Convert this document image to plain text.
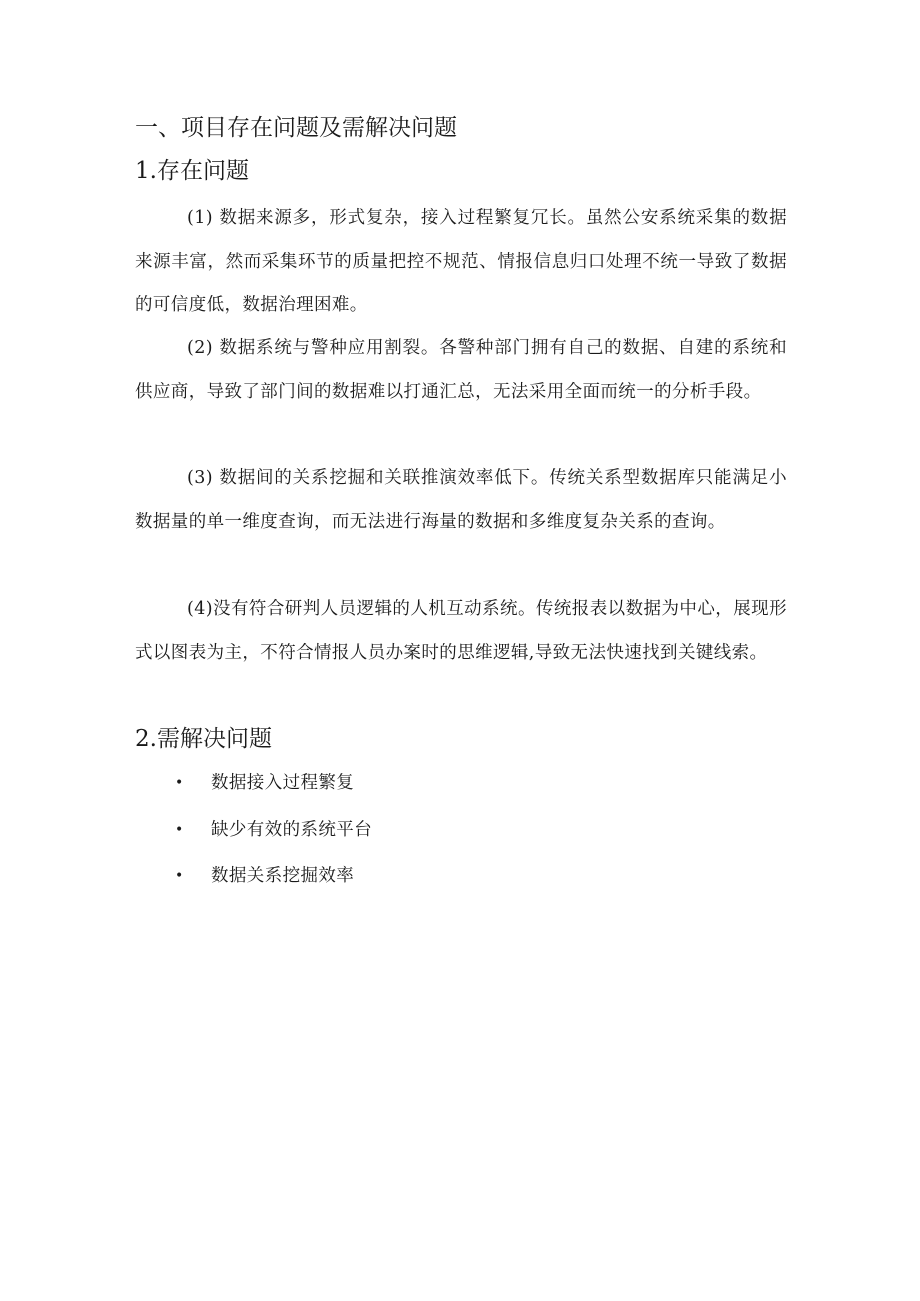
一、项目存在问题及需解决问题
1.存在问题

(1) 数据来源多，形式复杂，接入过程繁复冗长。虽然公安系统采集的数据来源丰富，然而采集环节的质量把控不规范、情报信息归口处理不统一导致了数据的可信度低，数据治理困难。

(2) 数据系统与警种应用割裂。各警种部门拥有自己的数据、自建的系统和供应商，导致了部门间的数据难以打通汇总，无法采用全面而统一的分析手段。

(3) 数据间的关系挖掘和关联推演效率低下。传统关系型数据库只能满足小数据量的单一维度查询，而无法进行海量的数据和多维度复杂关系的查询。

(4)没有符合研判人员逻辑的人机互动系统。传统报表以数据为中心，展现形式以图表为主，不符合情报人员办案时的思维逻辑,导致无法快速找到关键线索。

2.需解决问题
• 数据接入过程繁复
• 缺少有效的系统平台
• 数据关系挖掘效率
